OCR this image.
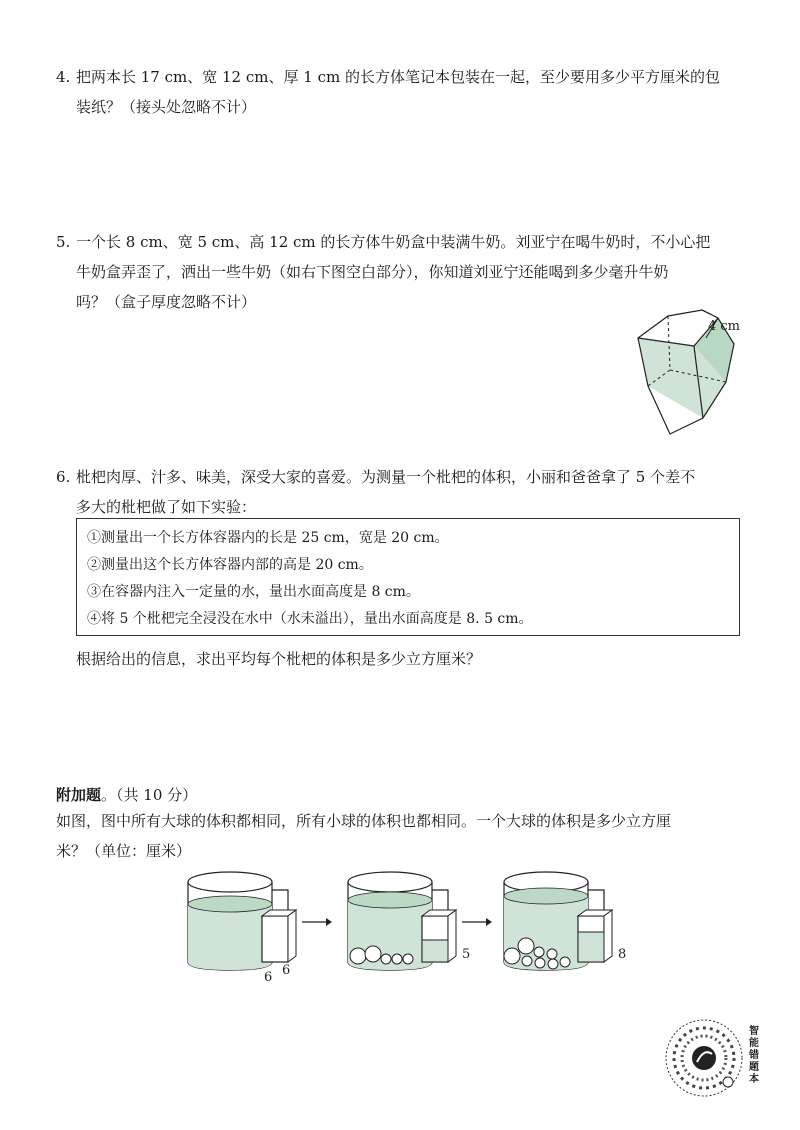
4. 把两本长 17 cm、宽 12 cm、厚 1 cm 的长方体笔记本包装在一起，至少要用多少平方厘米的包

装纸？（接头处忽略不计）

5. 一个长 8 cm、宽 5 cm、高 12 cm 的长方体牛奶盒中装满牛奶。刘亚宁在喝牛奶时，不小心把

牛奶盒弄歪了，洒出一些牛奶（如右下图空白部分），你知道刘亚宁还能喝到多少毫升牛奶

吗？（盒子厚度忽略不计）

4 cm

6. 枇杷肉厚、汁多、味美，深受大家的喜爱。为测量一个枇杷的体积，小丽和爸爸拿了 5 个差不

多大的枇杷做了如下实验：

①测量出一个长方体容器内的长是 25 cm，宽是 20 cm。
②测量出这个长方体容器内部的高是 20 cm。
③在容器内注入一定量的水，量出水面高度是 8 cm。
④将 5 个枇杷完全浸没在水中（水未溢出），量出水面高度是 8. 5 cm。
根据给出的信息，求出平均每个枇杷的体积是多少立方厘米？
附加题。（共 10 分）

如图，图中所有大球的体积都相同，所有小球的体积也都相同。一个大球的体积是多少立方厘

米？（单位：厘米）

6 6
5	8
智能错题本
